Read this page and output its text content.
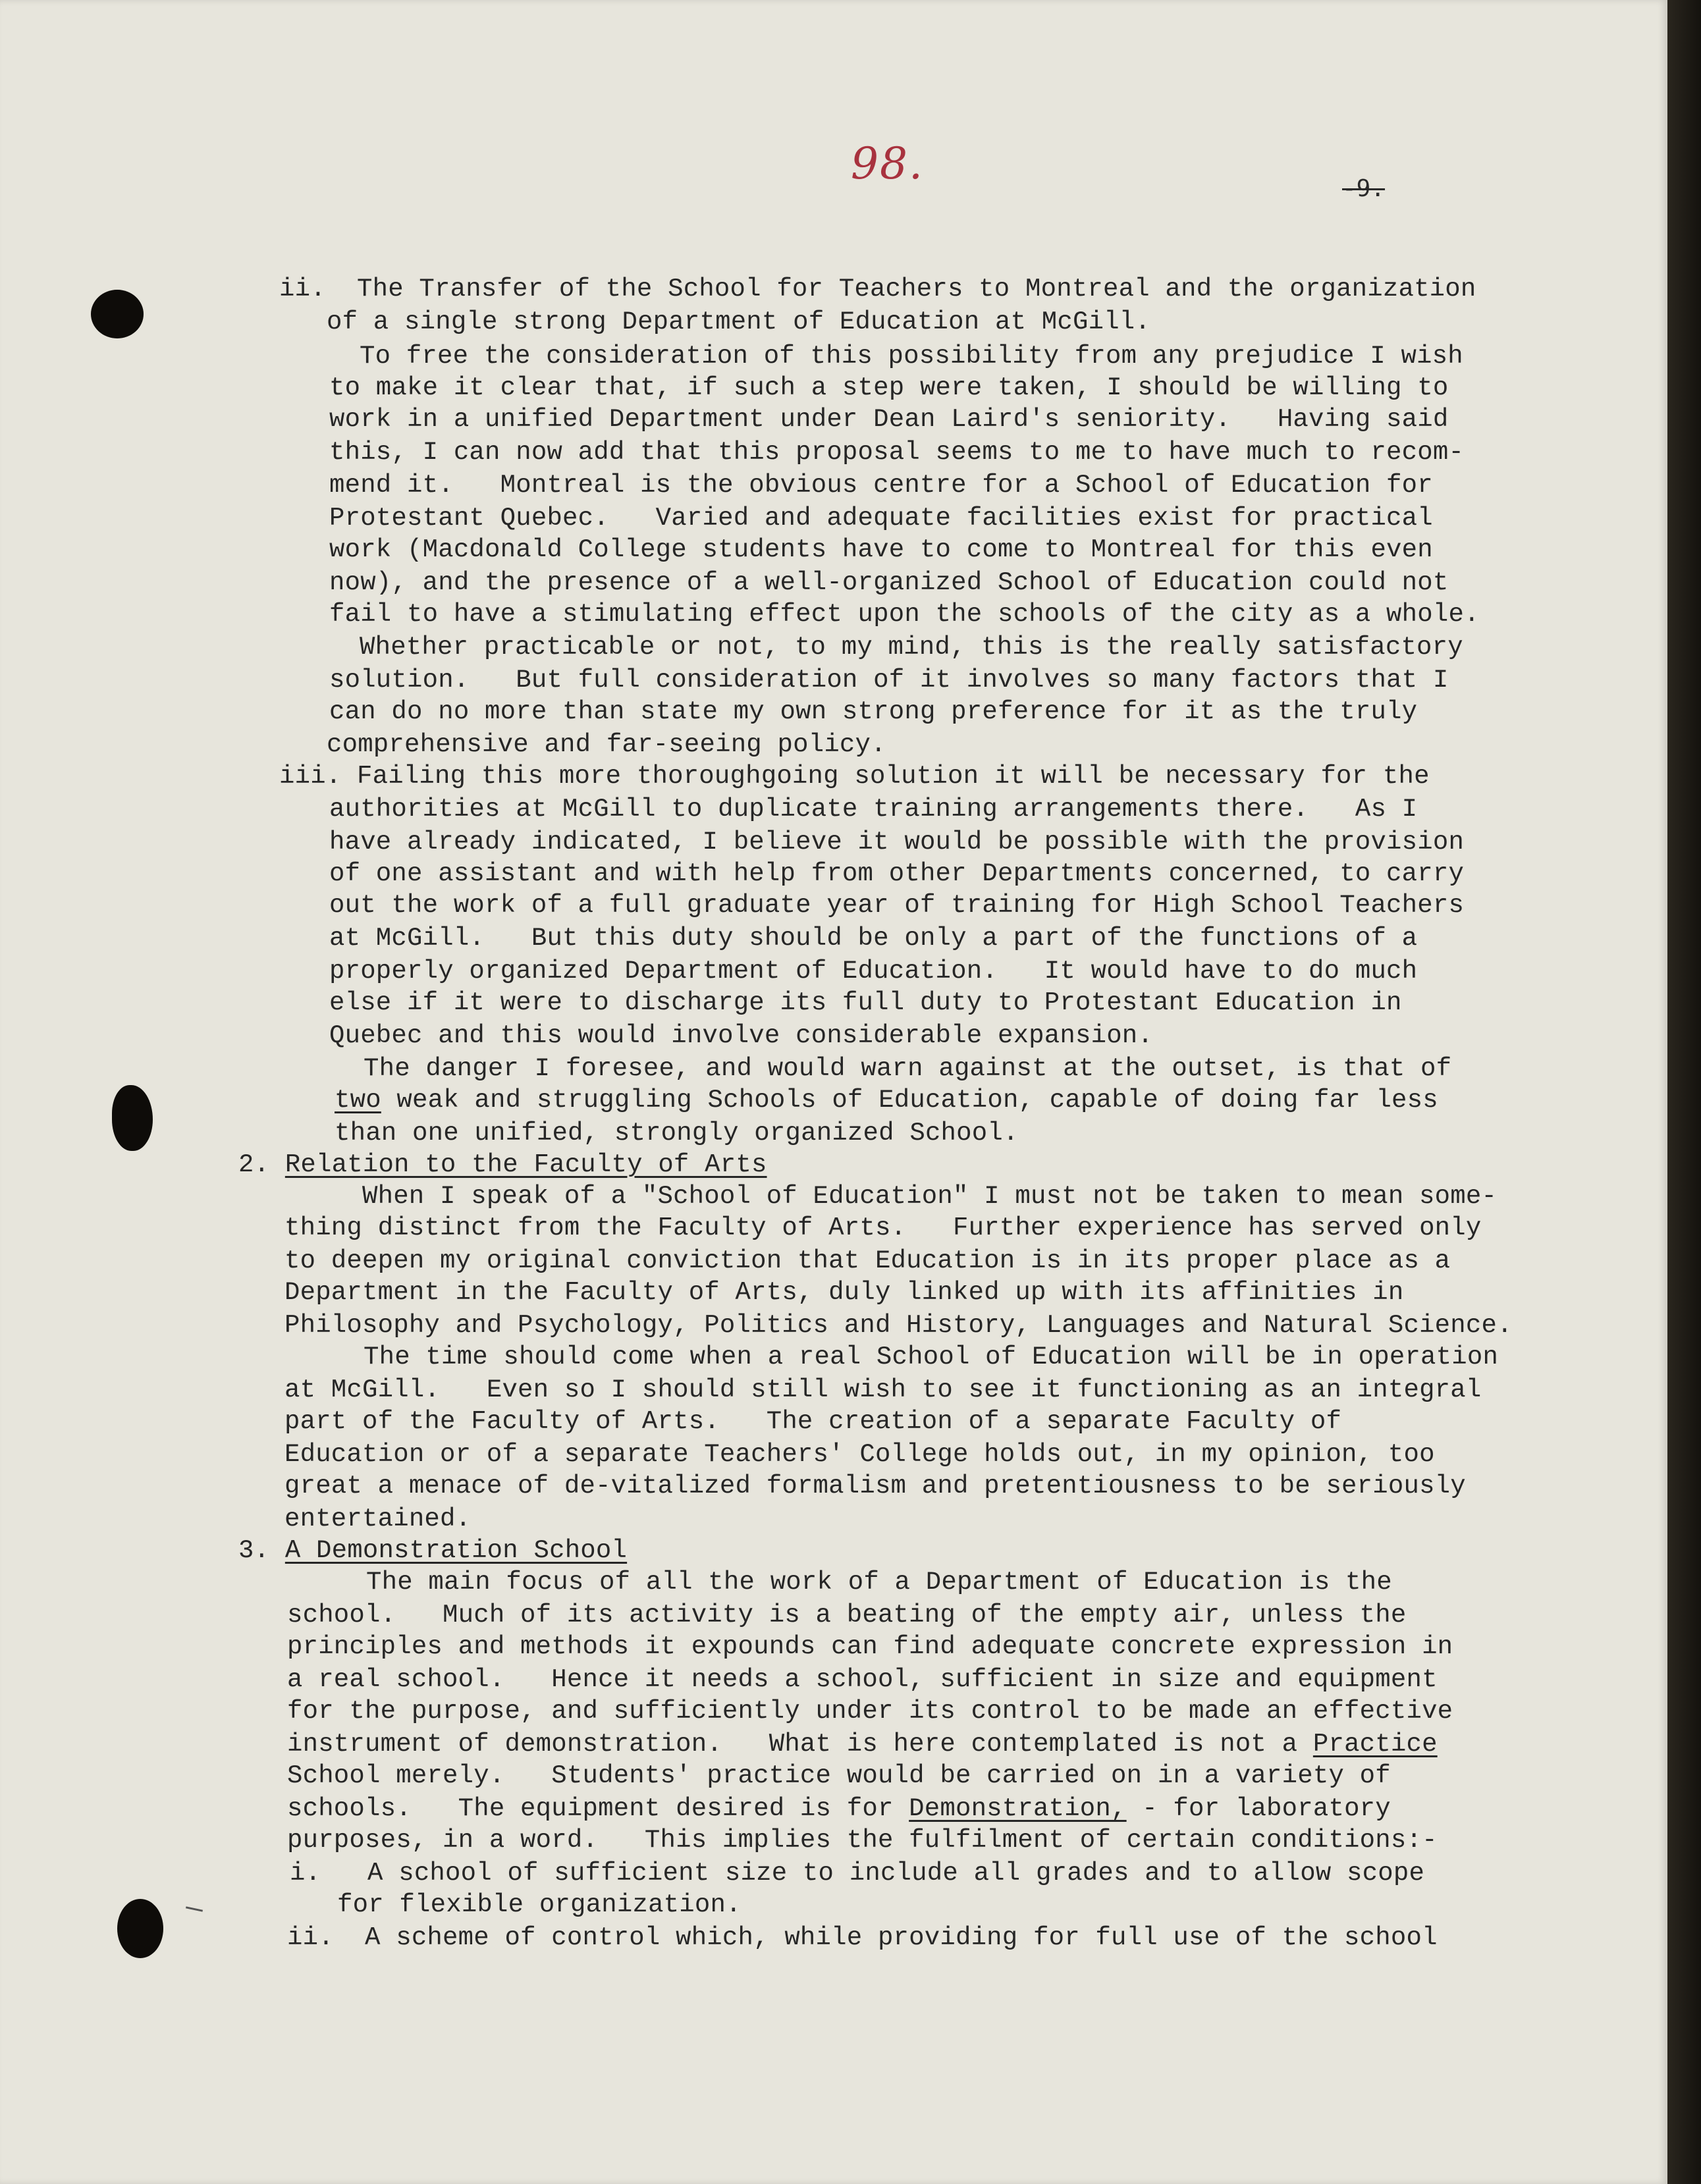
98.	-9.
ii.  The Transfer of the School for Teachers to Montreal and the organization
of a single strong Department of Education at McGill.
To free the consideration of this possibility from any prejudice I wish
to make it clear that, if such a step were taken, I should be willing to
work in a unified Department under Dean Laird's seniority.   Having said
this, I can now add that this proposal seems to me to have much to recom-
mend it.   Montreal is the obvious centre for a School of Education for
Protestant Quebec.   Varied and adequate facilities exist for practical
work (Macdonald College students have to come to Montreal for this even
now), and the presence of a well-organized School of Education could not
fail to have a stimulating effect upon the schools of the city as a whole.
Whether practicable or not, to my mind, this is the really satisfactory
solution.   But full consideration of it involves so many factors that I
can do no more than state my own strong preference for it as the truly
comprehensive and far-seeing policy.
iii. Failing this more thoroughgoing solution it will be necessary for the
authorities at McGill to duplicate training arrangements there.   As I
have already indicated, I believe it would be possible with the provision
of one assistant and with help from other Departments concerned, to carry
out the work of a full graduate year of training for High School Teachers
at McGill.   But this duty should be only a part of the functions of a
properly organized Department of Education.   It would have to do much
else if it were to discharge its full duty to Protestant Education in
Quebec and this would involve considerable expansion.
The danger I foresee, and would warn against at the outset, is that of
two weak and struggling Schools of Education, capable of doing far less
than one unified, strongly organized School.
2. Relation to the Faculty of Arts
When I speak of a "School of Education" I must not be taken to mean some-
thing distinct from the Faculty of Arts.   Further experience has served only
to deepen my original conviction that Education is in its proper place as a
Department in the Faculty of Arts, duly linked up with its affinities in
Philosophy and Psychology, Politics and History, Languages and Natural Science.
The time should come when a real School of Education will be in operation
at McGill.   Even so I should still wish to see it functioning as an integral
part of the Faculty of Arts.   The creation of a separate Faculty of
Education or of a separate Teachers' College holds out, in my opinion, too
great a menace of de-vitalized formalism and pretentiousness to be seriously
entertained.
3. A Demonstration School
The main focus of all the work of a Department of Education is the
school.   Much of its activity is a beating of the empty air, unless the
principles and methods it expounds can find adequate concrete expression in
a real school.   Hence it needs a school, sufficient in size and equipment
for the purpose, and sufficiently under its control to be made an effective
instrument of demonstration.   What is here contemplated is not a Practice
School merely.   Students' practice would be carried on in a variety of
schools.   The equipment desired is for Demonstration, - for laboratory
purposes, in a word.   This implies the fulfilment of certain conditions:-
i.   A school of sufficient size to include all grades and to allow scope
for flexible organization.
ii.  A scheme of control which, while providing for full use of the school
